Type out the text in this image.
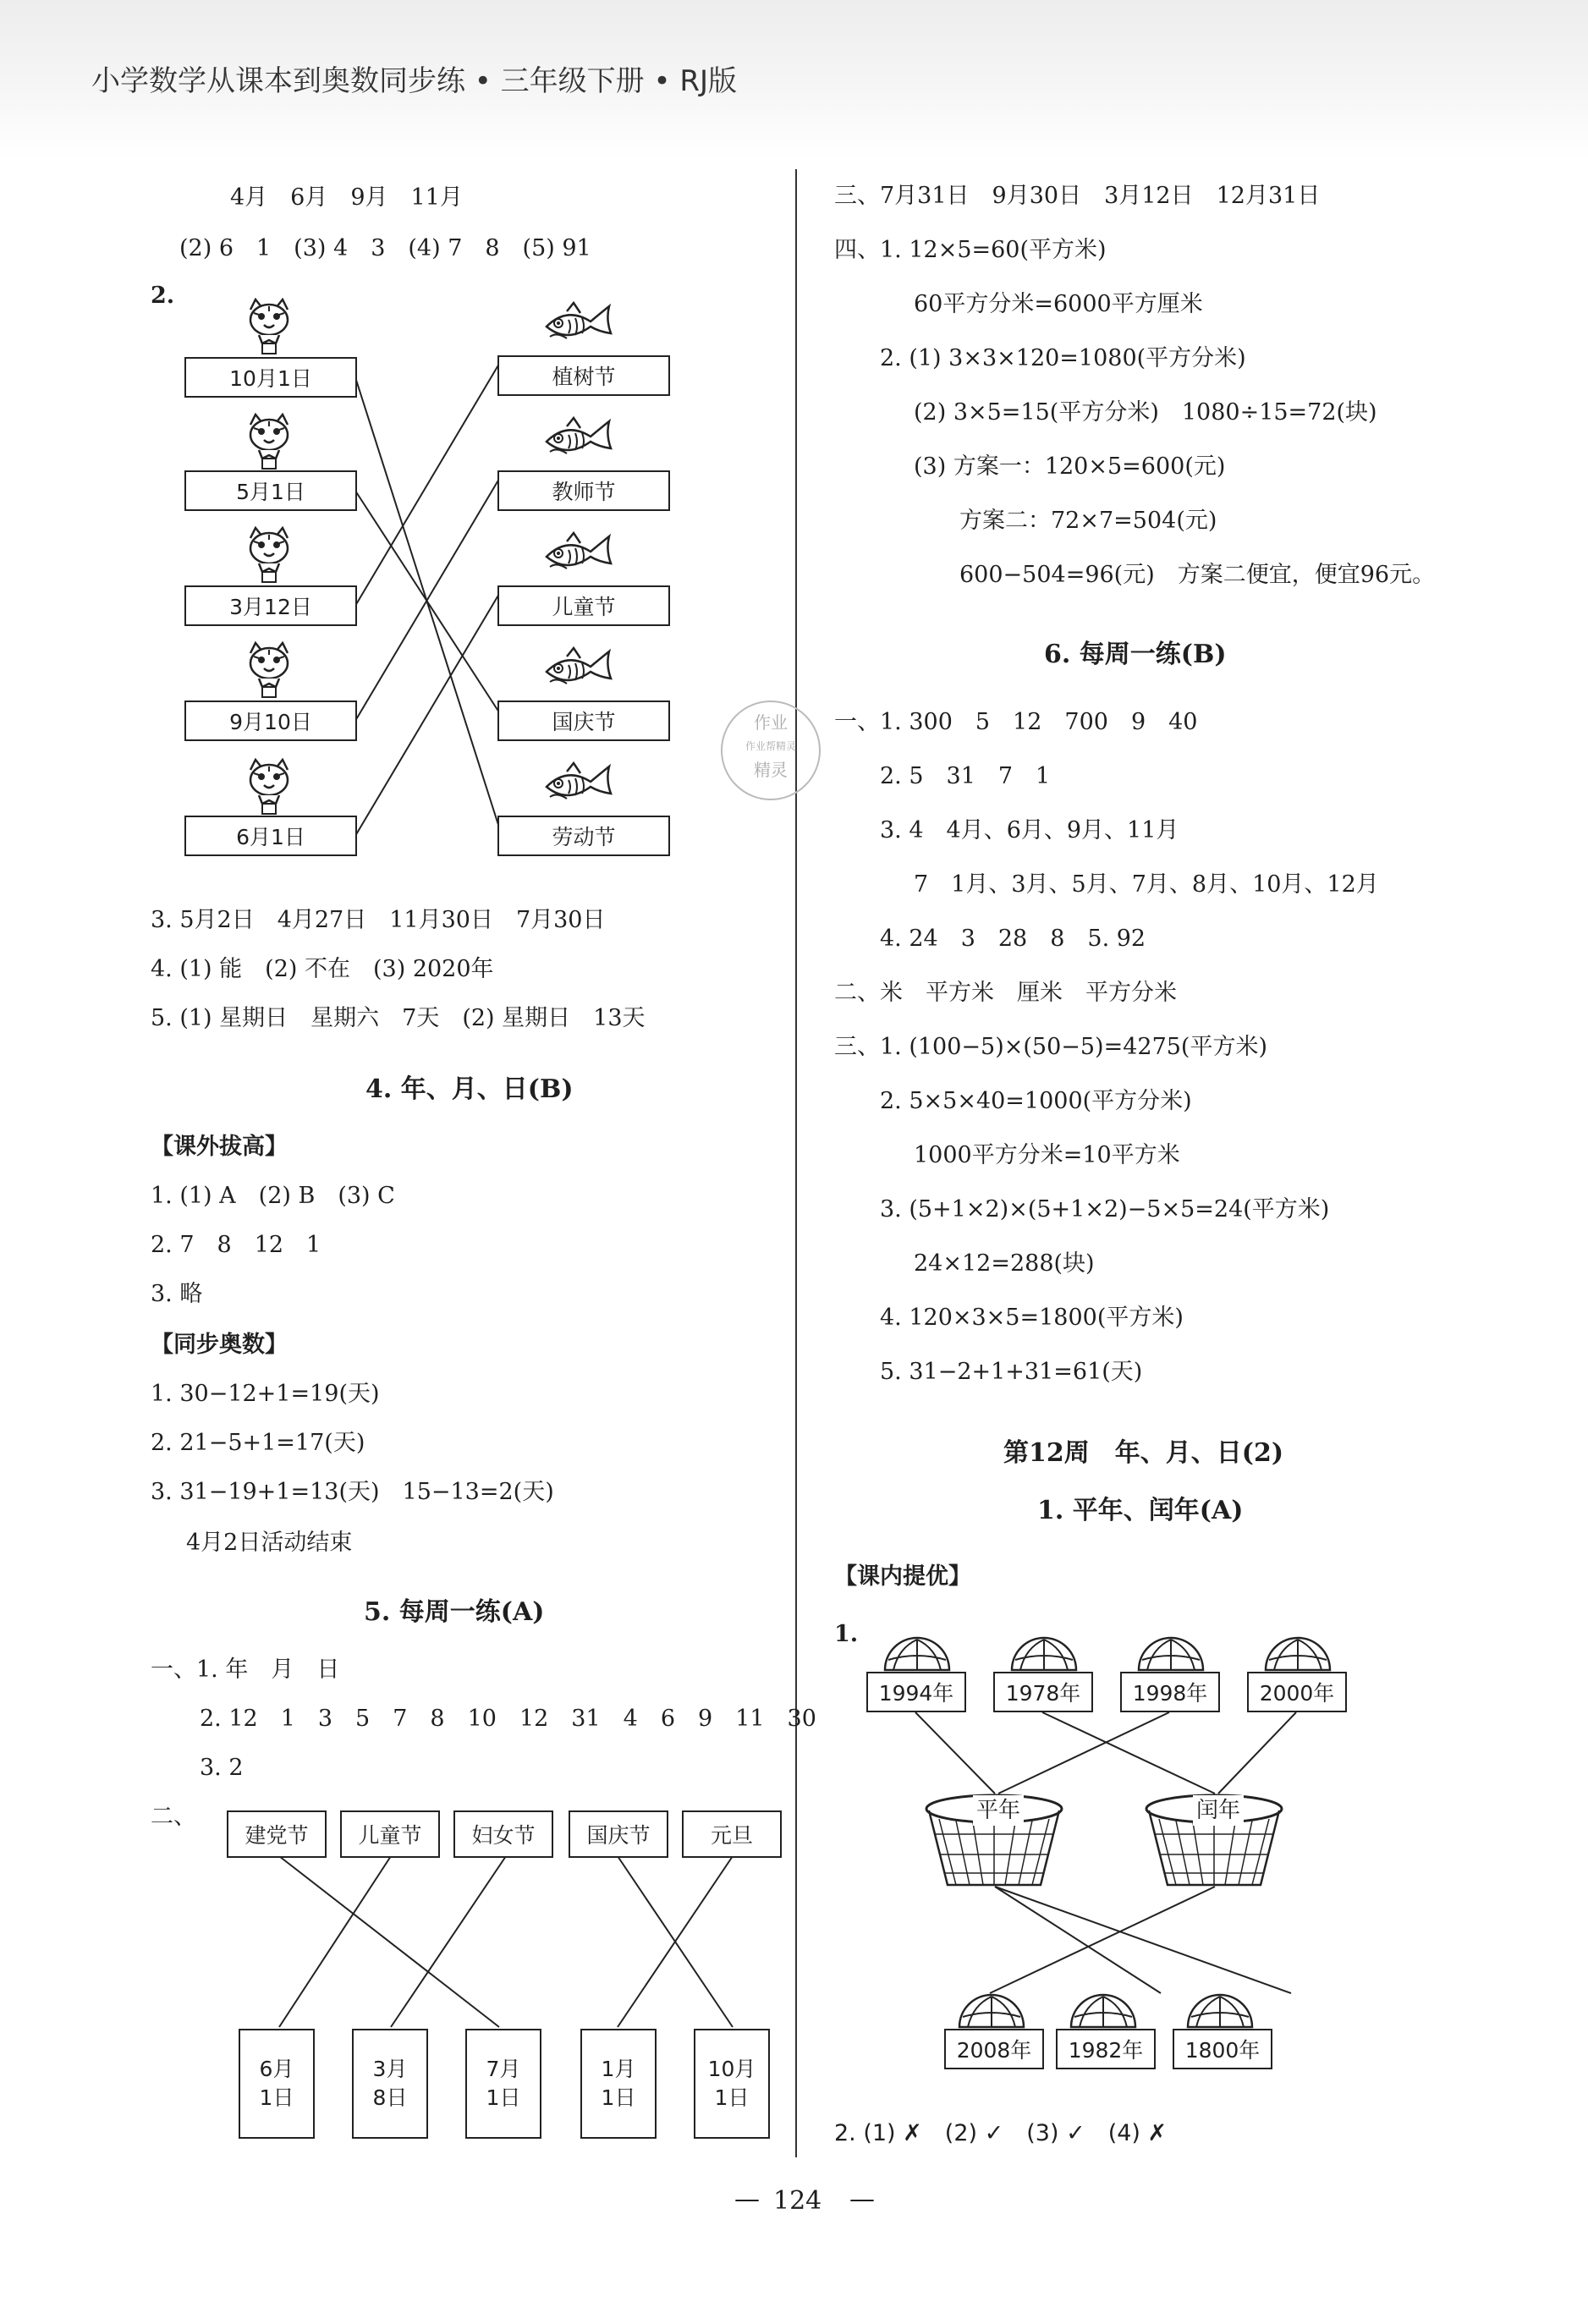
小学数学从课本到奥数同步练 • 三年级下册 • RJ版
4月　6月　9月　11月
(2) 6　1　(3) 4　3　(4) 7　8　(5) 91
2.
10月1日
5月1日
3月12日
9月10日
6月1日
植树节
教师节
儿童节
国庆节
劳动节
3. 5月2日　4月27日　11月30日　7月30日
4. (1) 能　(2) 不在　(3) 2020年
5. (1) 星期日　星期六　7天　(2) 星期日　13天
4. 年、月、日(B)
【课外拔高】
1. (1) A　(2) B　(3) C
2. 7　8　12　1
3. 略
【同步奥数】
1. 30−12+1=19(天)
2. 21−5+1=17(天)
3. 31−19+1=13(天)　15−13=2(天)
4月2日活动结束
5. 每周一练(A)
一、1. 年　月　日
2. 12　1　3　5　7　8　10　12　31　4　6　9　11　30
3. 2
二、
建党节	儿童节	妇女节	国庆节	元旦
6月
1日
3月
8日
7月
1日
1月
1日
10月
1日
作业
作业帮精灵
精灵
三、7月31日　9月30日　3月12日　12月31日
四、1. 12×5=60(平方米)
60平方分米=6000平方厘米
2. (1) 3×3×120=1080(平方分米)
(2) 3×5=15(平方分米)　1080÷15=72(块)
(3) 方案一：120×5=600(元)
方案二：72×7=504(元)
600−504=96(元)　方案二便宜，便宜96元。
6. 每周一练(B)
一、1. 300　5　12　700　9　40
2. 5　31　7　1
3. 4　4月、6月、9月、11月
7　1月、3月、5月、7月、8月、10月、12月
4. 24　3　28　8　5. 92
二、米　平方米　厘米　平方分米
三、1. (100−5)×(50−5)=4275(平方米)
2. 5×5×40=1000(平方分米)
1000平方分米=10平方米
3. (5+1×2)×(5+1×2)−5×5=24(平方米)
24×12=288(块)
4. 120×3×5=1800(平方米)
5. 31−2+1+31=61(天)
第12周　年、月、日(2)
1. 平年、闰年(A)
【课内提优】
1.
1994年	1978年	1998年	2000年
平年	闰年
2008年	1982年	1800年
2. (1) ✗　(2) ✓　(3) ✓　(4) ✗
— 124 —
